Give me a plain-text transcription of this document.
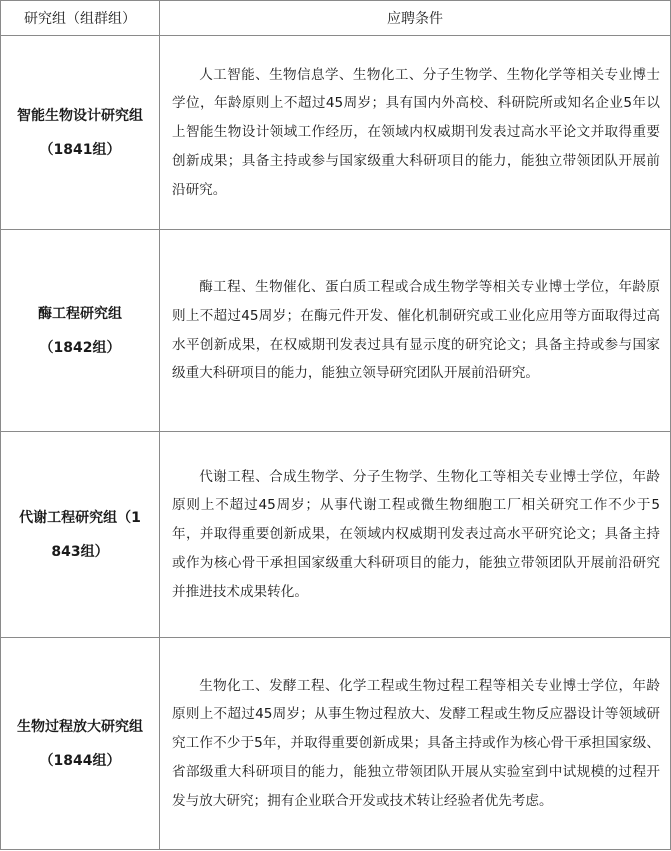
研究组（组群组）	应聘条件

智能生物设计研究组
（1841组）	人工智能、生物信息学、生物化工、分子生物学、生物化学等相关专业博士学位，年龄原则上不超过45周岁；具有国内外高校、科研院所或知名企业5年以上智能生物设计领域工作经历，在领域内权威期刊发表过高水平论文并取得重要创新成果；具备主持或参与国家级重大科研项目的能力，能独立带领团队开展前沿研究。

酶工程研究组
（1842组）	酶工程、生物催化、蛋白质工程或合成生物学等相关专业博士学位，年龄原则上不超过45周岁；在酶元件开发、催化机制研究或工业化应用等方面取得过高水平创新成果，在权威期刊发表过具有显示度的研究论文；具备主持或参与国家级重大科研项目的能力，能独立领导研究团队开展前沿研究。

代谢工程研究组（1
843组）	代谢工程、合成生物学、分子生物学、生物化工等相关专业博士学位，年龄原则上不超过45周岁；从事代谢工程或微生物细胞工厂相关研究工作不少于5年，并取得重要创新成果，在领域内权威期刊发表过高水平研究论文；具备主持或作为核心骨干承担国家级重大科研项目的能力，能独立带领团队开展前沿研究并推进技术成果转化。

生物过程放大研究组
（1844组）	生物化工、发酵工程、化学工程或生物过程工程等相关专业博士学位，年龄原则上不超过45周岁；从事生物过程放大、发酵工程或生物反应器设计等领域研究工作不少于5年，并取得重要创新成果；具备主持或作为核心骨干承担国家级、省部级重大科研项目的能力，能独立带领团队开展从实验室到中试规模的过程开发与放大研究；拥有企业联合开发或技术转让经验者优先考虑。
